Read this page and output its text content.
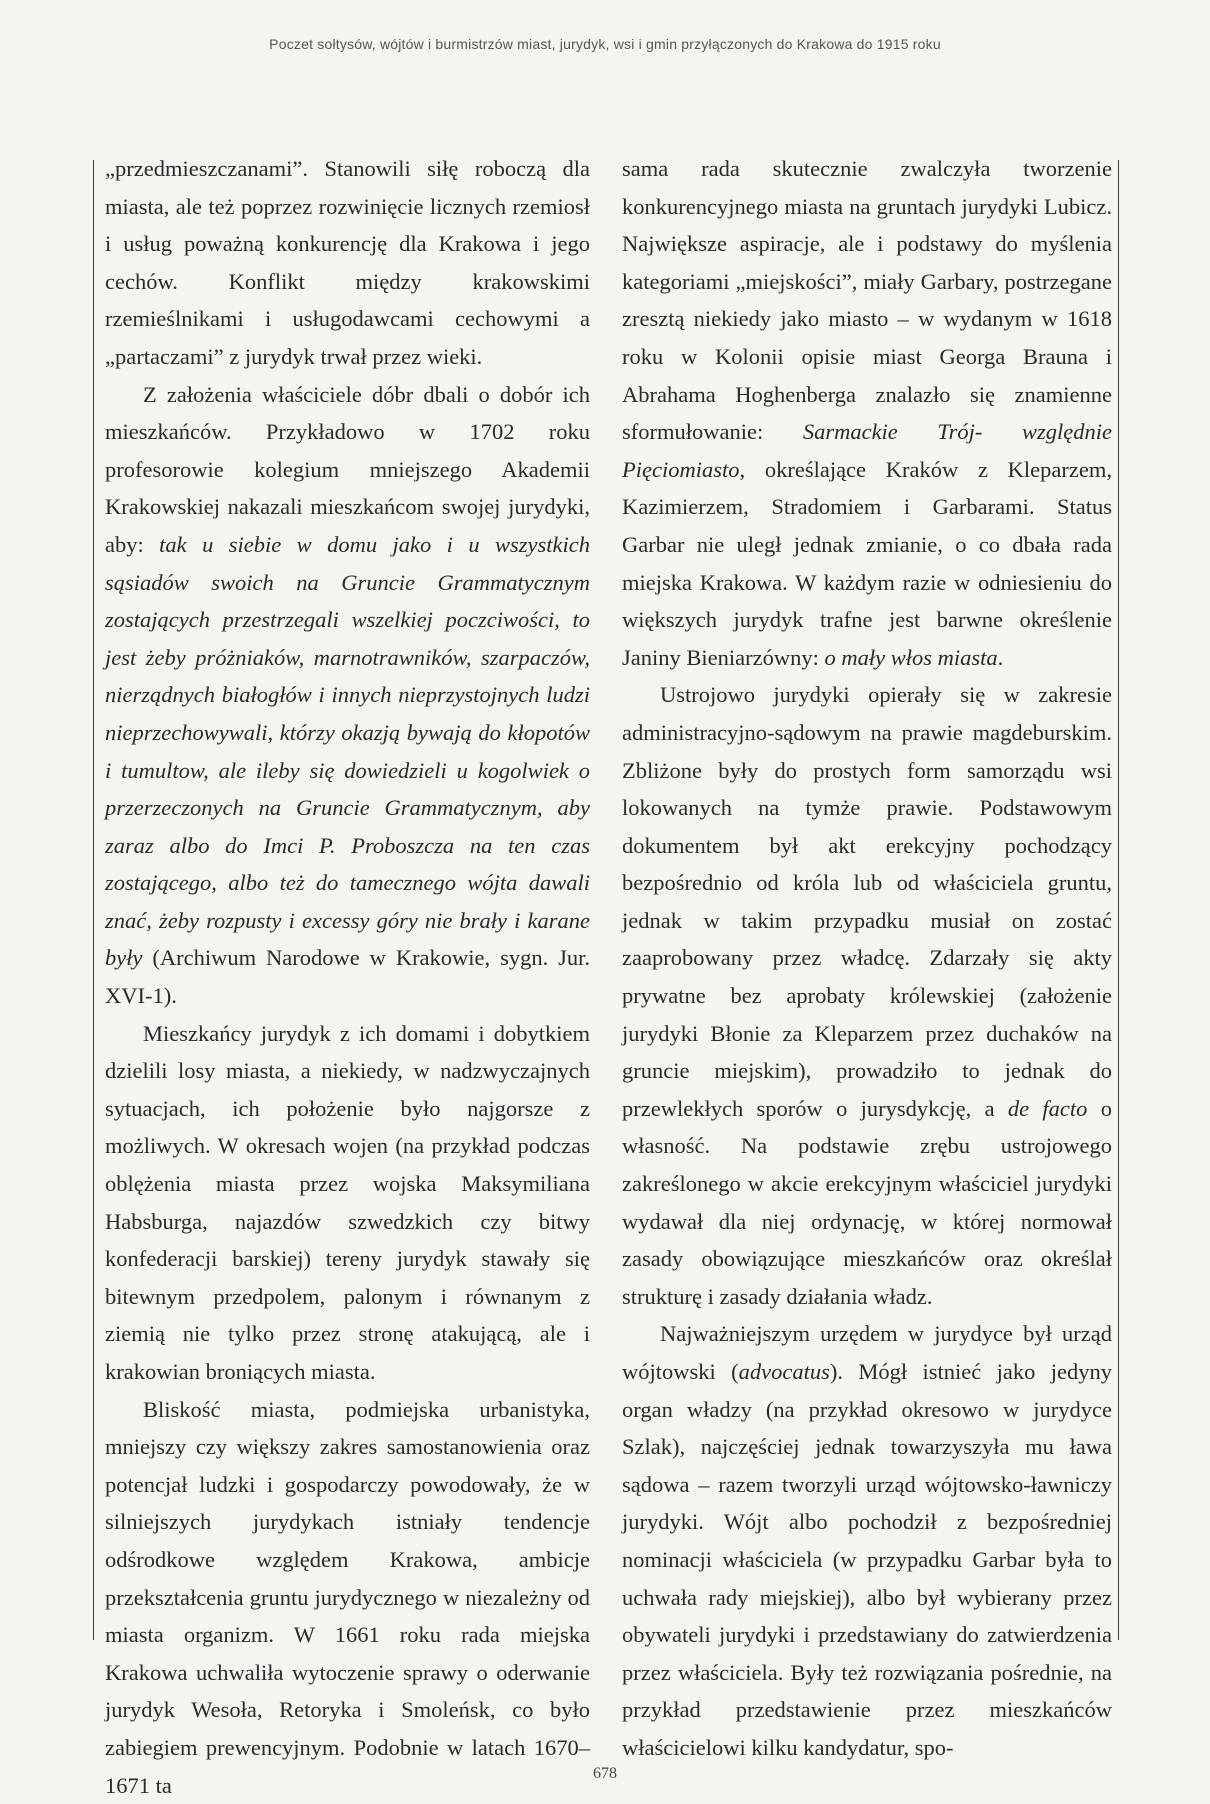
Poczet sołtysów, wójtów i burmistrzów miast, jurydyk, wsi i gmin przyłączonych do Krakowa do 1915 roku

„przedmieszczanami”. Stanowili siłę roboczą dla miasta, ale też poprzez rozwinięcie licznych rzemiosł i usług poważną konkurencję dla Krakowa i jego cechów. Konflikt między krakowskimi rzemieślnikami i usługodawcami cechowymi a „partaczami” z jurydyk trwał przez wieki.

Z założenia właściciele dóbr dbali o dobór ich mieszkańców. Przykładowo w 1702 roku profesorowie kolegium mniejszego Akademii Krakowskiej nakazali mieszkańcom swojej jurydyki, aby: tak u siebie w domu jako i u wszystkich sąsiadów swoich na Gruncie Grammatycznym zostających przestrzegali wszelkiej poczciwości, to jest żeby próżniaków, marnotrawników, szarpaczów, nierządnych białogłów i innych nieprzystojnych ludzi nieprzechowywali, którzy okazją bywają do kłopotów i tumultow, ale ileby się dowiedzieli u kogolwiek o przerzeczonych na Gruncie Grammatycznym, aby zaraz albo do Imci P. Proboszcza na ten czas zostającego, albo też do tamecznego wójta dawali znać, żeby rozpusty i excessy góry nie brały i karane były (Archiwum Narodowe w Krakowie, sygn. Jur. XVI-1).

Mieszkańcy jurydyk z ich domami i dobytkiem dzielili losy miasta, a niekiedy, w nadzwyczajnych sytuacjach, ich położenie było najgorsze z możliwych. W okresach wojen (na przykład podczas oblężenia miasta przez wojska Maksymiliana Habsburga, najazdów szwedzkich czy bitwy konfederacji barskiej) tereny jurydyk stawały się bitewnym przedpolem, palonym i równanym z ziemią nie tylko przez stronę atakującą, ale i krakowian broniących miasta.

Bliskość miasta, podmiejska urbanistyka, mniejszy czy większy zakres samostanowienia oraz potencjał ludzki i gospodarczy powodowały, że w silniejszych jurydykach istniały tendencje odśrodkowe względem Krakowa, ambicje przekształcenia gruntu jurydycznego w niezależny od miasta organizm. W 1661 roku rada miejska Krakowa uchwaliła wytoczenie sprawy o oderwanie jurydyk Wesoła, Retoryka i Smoleńsk, co było zabiegiem prewencyjnym. Podobnie w latach 1670–1671 ta

sama rada skutecznie zwalczyła tworzenie konkurencyjnego miasta na gruntach jurydyki Lubicz. Największe aspiracje, ale i podstawy do myślenia kategoriami „miejskości”, miały Garbary, postrzegane zresztą niekiedy jako miasto – w wydanym w 1618 roku w Kolonii opisie miast Georga Brauna i Abrahama Hoghenberga znalazło się znamienne sformułowanie: Sarmackie Trój- względnie Pięciomiasto, określające Kraków z Kleparzem, Kazimierzem, Stradomiem i Garbarami. Status Garbar nie uległ jednak zmianie, o co dbała rada miejska Krakowa. W każdym razie w odniesieniu do większych jurydyk trafne jest barwne określenie Janiny Bieniarzówny: o mały włos miasta.

Ustrojowo jurydyki opierały się w zakresie administracyjno-sądowym na prawie magdeburskim. Zbliżone były do prostych form samorządu wsi lokowanych na tymże prawie. Podstawowym dokumentem był akt erekcyjny pochodzący bezpośrednio od króla lub od właściciela gruntu, jednak w takim przypadku musiał on zostać zaaprobowany przez władcę. Zdarzały się akty prywatne bez aprobaty królewskiej (założenie jurydyki Błonie za Kleparzem przez duchaków na gruncie miejskim), prowadziło to jednak do przewlekłych sporów o jurysdykcję, a de facto o własność. Na podstawie zrębu ustrojowego zakreślonego w akcie erekcyjnym właściciel jurydyki wydawał dla niej ordynację, w której normował zasady obowiązujące mieszkańców oraz określał strukturę i zasady działania władz.

Najważniejszym urzędem w jurydyce był urząd wójtowski (advocatus). Mógł istnieć jako jedyny organ władzy (na przykład okresowo w jurydyce Szlak), najczęściej jednak towarzyszyła mu ława sądowa – razem tworzyli urząd wójtowsko-ławniczy jurydyki. Wójt albo pochodził z bezpośredniej nominacji właściciela (w przypadku Garbar była to uchwała rady miejskiej), albo był wybierany przez obywateli jurydyki i przedstawiany do zatwierdzenia przez właściciela. Były też rozwiązania pośrednie, na przykład przedstawienie przez mieszkańców właścicielowi kilku kandydatur, spo-

678
